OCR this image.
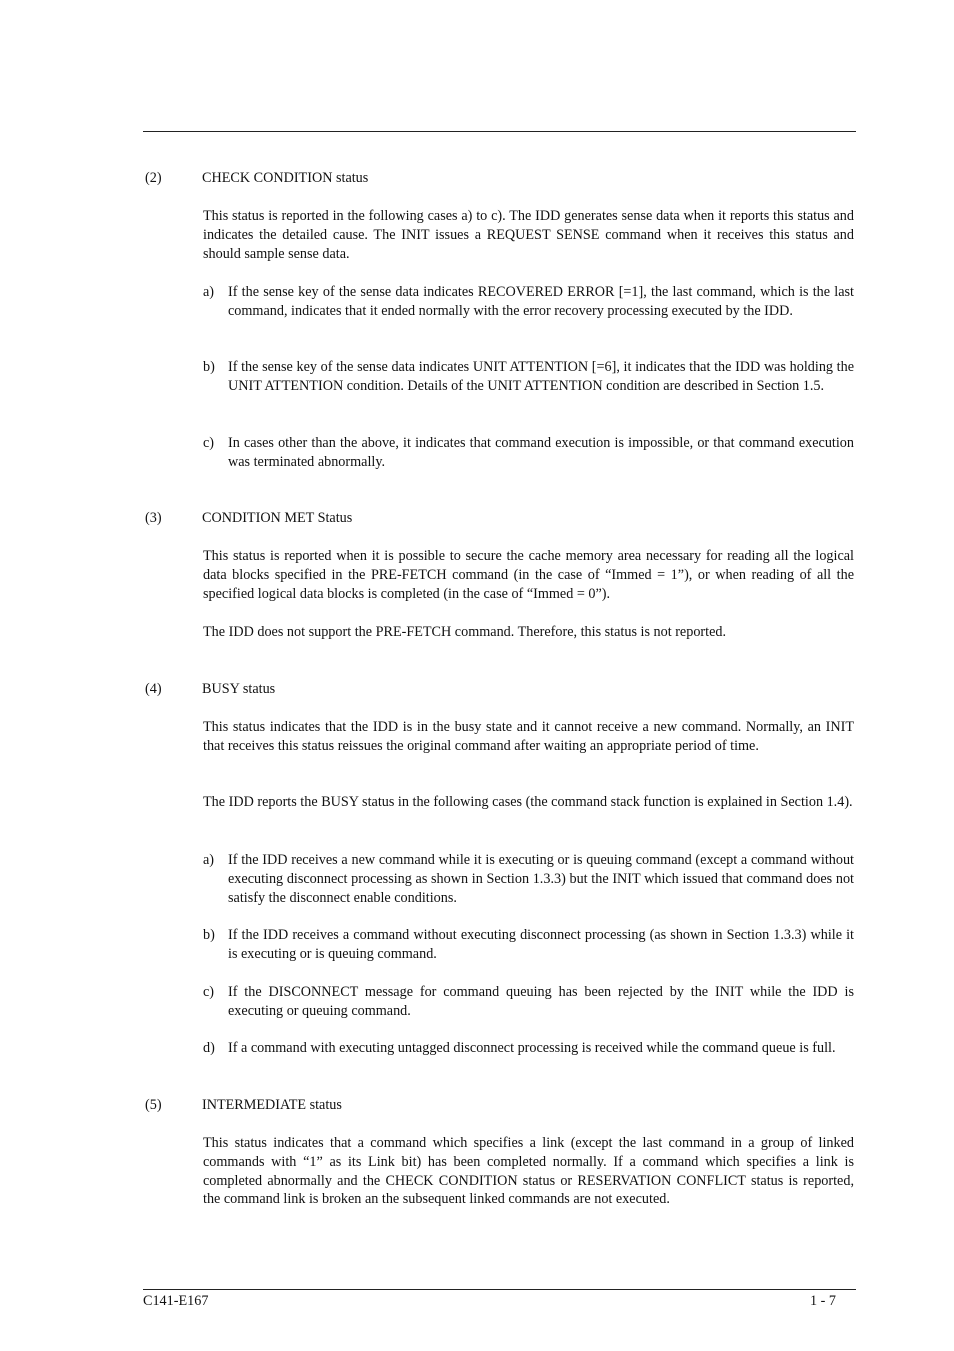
(2)	CHECK CONDITION status
This status is reported in the following cases a) to c). The IDD generates sense data when it reports this status and indicates the detailed cause. The INIT issues a REQUEST SENSE command when it receives this status and should sample sense data.
a) If the sense key of the sense data indicates RECOVERED ERROR [=1], the last command, which is the last command, indicates that it ended normally with the error recovery processing executed by the IDD.
b) If the sense key of the sense data indicates UNIT ATTENTION [=6], it indicates that the IDD was holding the UNIT ATTENTION condition. Details of the UNIT ATTENTION condition are described in Section 1.5.
c) In cases other than the above, it indicates that command execution is impossible, or that command execution was terminated abnormally.
(3)	CONDITION MET Status
This status is reported when it is possible to secure the cache memory area necessary for reading all the logical data blocks specified in the PRE-FETCH command (in the case of “Immed = 1”), or when reading of all the specified logical data blocks is completed (in the case of “Immed = 0”).
The IDD does not support the PRE-FETCH command. Therefore, this status is not reported.
(4)	BUSY status
This status indicates that the IDD is in the busy state and it cannot receive a new command. Normally, an INIT that receives this status reissues the original command after waiting an appropriate period of time.
The IDD reports the BUSY status in the following cases (the command stack function is explained in Section 1.4).
a) If the IDD receives a new command while it is executing or is queuing command (except a command without executing disconnect processing as shown in Section 1.3.3) but the INIT which issued that command does not satisfy the disconnect enable conditions.
b) If the IDD receives a command without executing disconnect processing (as shown in Section 1.3.3) while it is executing or is queuing command.
c) If the DISCONNECT message for command queuing has been rejected by the INIT while the IDD is executing or queuing command.
d) If a command with executing untagged disconnect processing is received while the command queue is full.
(5)	INTERMEDIATE status
This status indicates that a command which specifies a link (except the last command in a group of linked commands with “1” as its Link bit) has been completed normally. If a command which specifies a link is completed abnormally and the CHECK CONDITION status or RESERVATION CONFLICT status is reported, the command link is broken an the subsequent linked commands are not executed.
C141-E167	1 - 7
